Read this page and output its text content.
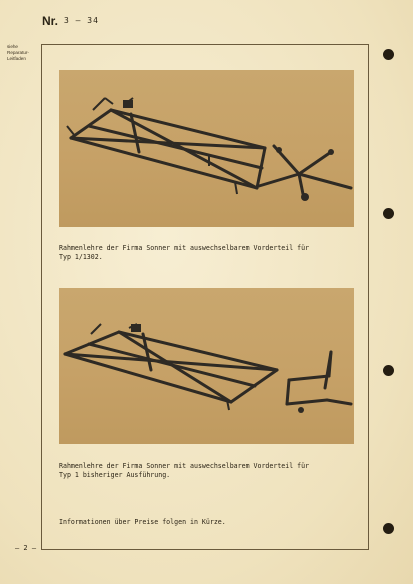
Nr. 3 – 34
siehe
Reparatur-
Leitfaden
Rahmenlehre der Firma Sonner mit auswechselbarem Vorderteil für
Typ 1/1302.
Rahmenlehre der Firma Sonner mit auswechselbarem Vorderteil für
Typ 1 bisheriger Ausführung.
Informationen über Preise folgen in Kürze.
– 2 –
